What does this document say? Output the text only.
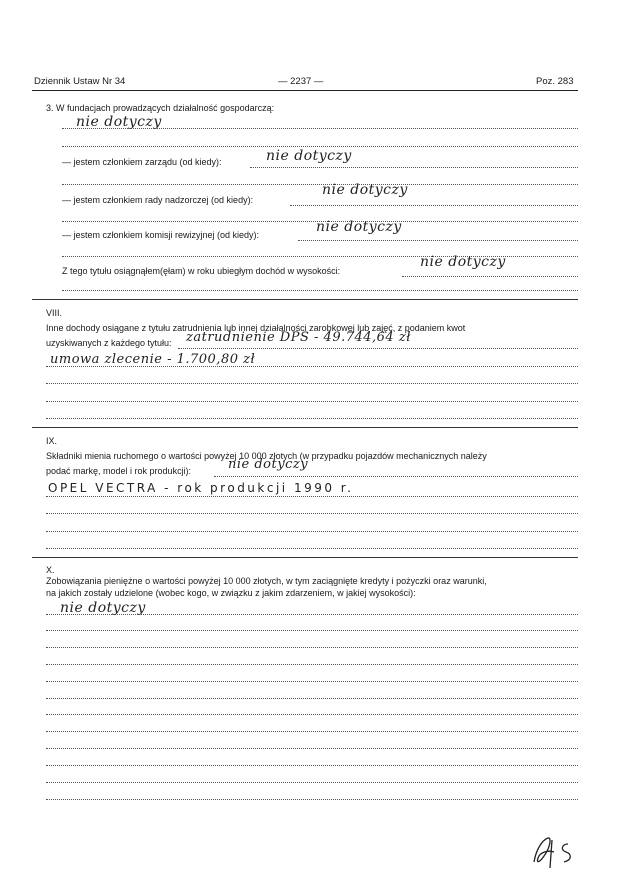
Dziennik Ustaw Nr 34	— 2237 —	Poz. 283
3. W fundacjach prowadzących działalność gospodarczą:
nie dotyczy
— jestem członkiem zarządu (od kiedy):	nie dotyczy
— jestem członkiem rady nadzorczej (od kiedy):
nie dotyczy
— jestem członkiem komisji rewizyjnej (od kiedy):	nie dotyczy
Z tego tytułu osiągnąłem(ęłam) w roku ubiegłym dochód w wysokości:
nie dotyczy
VIII.
Inne dochody osiągane z tytułu zatrudnienia lub innej działalności zarobkowej lub zajęć, z podaniem kwot
uzyskiwanych z każdego tytułu: zatrudnienie DPS - 49.744,64 zł
umowa zlecenie - 1.700,80 zł
IX.
Składniki mienia ruchomego o wartości powyżej 10 000 złotych (w przypadku pojazdów mechanicznych należy
podać markę, model i rok produkcji):	nie dotyczy
OPEL VECTRA - rok produkcji 1990 r.
X.
Zobowiązania pieniężne o wartości powyżej 10 000 złotych, w tym zaciągnięte kredyty i pożyczki oraz warunki,
na jakich zostały udzielone (wobec kogo, w związku z jakim zdarzeniem, w jakiej wysokości):
nie dotyczy
